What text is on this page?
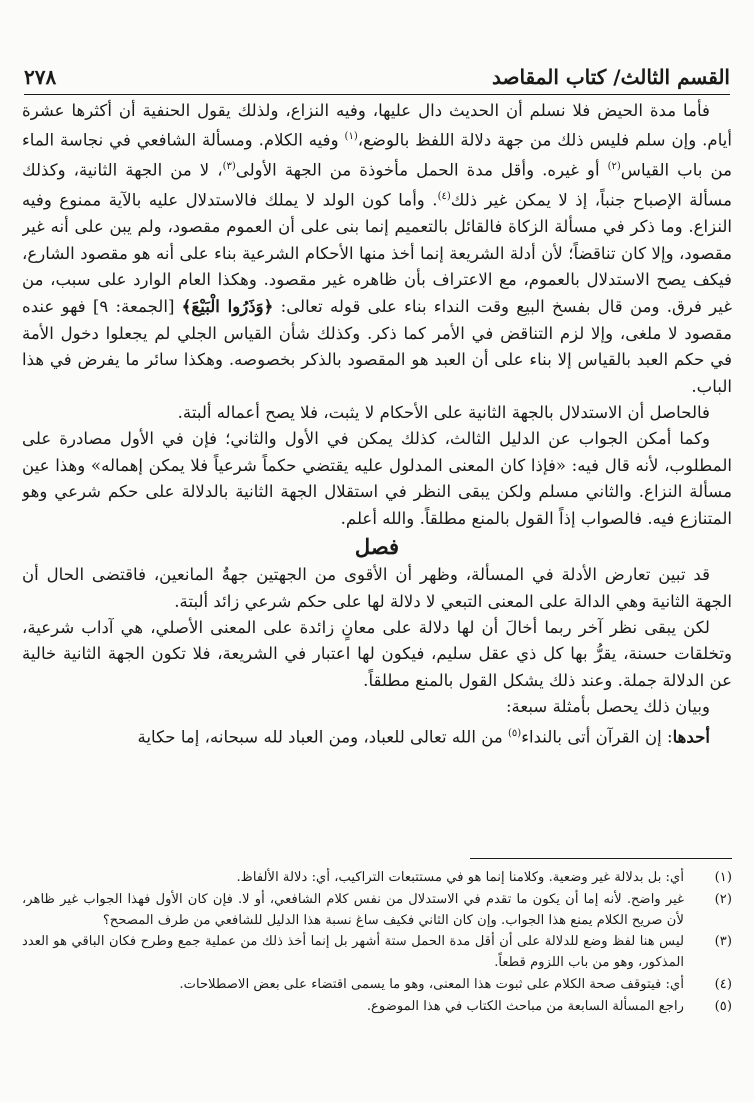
القسم الثالث/ كتاب المقاصد
٢٧٨

فأما مدة الحيض فلا نسلم أن الحديث دال عليها، وفيه النزاع، ولذلك يقول الحنفية أن أكثرها عشرة أيام. وإن سلم فليس ذلك من جهة دلالة اللفظ بالوضع،$^{(١)}$ وفيه الكلام. ومسألة الشافعي في نجاسة الماء من باب القياس$^{(٢)}$ أو غيره. وأقل مدة الحمل مأخوذة من الجهة الأولى$^{(٣)}$، لا من الجهة الثانية، وكذلك مسألة الإصباح جنباً، إذ لا يمكن غير ذلك$^{(٤)}$. وأما كون الولد لا يملك فالاستدلال عليه بالآية ممنوع وفيه النزاع. وما ذكر في مسألة الزكاة فالقائل بالتعميم إنما بنى على أن العموم مقصود، ولم يبن على أنه غير مقصود، وإلا كان تناقضاً؛ لأن أدلة الشريعة إنما أخذ منها الأحكام الشرعية بناء على أنه هو مقصود الشارع، فيكف يصح الاستدلال بالعموم، مع الاعتراف بأن ظاهره غير مقصود. وهكذا العام الوارد على سبب، من غير فرق. ومن قال بفسخ البيع وقت النداء بناء على قوله تعالى: ﴿وَذَرُوا الْبَيْعَ﴾ [الجمعة: ٩] فهو عنده مقصود لا ملغى، وإلا لزم التناقض في الأمر كما ذكر. وكذلك شأن القياس الجلي لم يجعلوا دخول الأمة في حكم العبد بالقياس إلا بناء على أن العبد هو المقصود بالذكر بخصوصه. وهكذا سائر ما يفرض في هذا الباب.

فالحاصل أن الاستدلال بالجهة الثانية على الأحكام لا يثبت، فلا يصح أعماله ألبتة.

وكما أمكن الجواب عن الدليل الثالث، كذلك يمكن في الأول والثاني؛ فإن في الأول مصادرة على المطلوب، لأنه قال فيه: «فإذا كان المعنى المدلول عليه يقتضي حكماً شرعياً فلا يمكن إهماله» وهذا عين مسألة النزاع. والثاني مسلم ولكن يبقى النظر في استقلال الجهة الثانية بالدلالة على حكم شرعي وهو المتنازع فيه. فالصواب إذاً القول بالمنع مطلقاً. والله أعلم.

فصل

قد تبين تعارض الأدلة في المسألة، وظهر أن الأقوى من الجهتين جهةُ المانعين، فاقتضى الحال أن الجهة الثانية وهي الدالة على المعنى التبعي لا دلالة لها على حكم شرعي زائد ألبتة.

لكن يبقى نظر آخر ربما أخالَ أن لها دلالة على معانٍ زائدة على المعنى الأصلي، هي آداب شرعية، وتخلقات حسنة، يقرُّ بها كل ذي عقل سليم، فيكون لها اعتبار في الشريعة، فلا تكون الجهة الثانية خالية عن الدلالة جملة. وعند ذلك يشكل القول بالمنع مطلقاً.

وبيان ذلك يحصل بأمثلة سبعة:

أحدها: إن القرآن أتى بالنداء$^{(٥)}$ من الله تعالى للعباد، ومن العباد لله سبحانه، إما حكاية

(١)
أي: بل بدلالة غير وضعية. وكلامنا إنما هو في مستتبعات التراكيب، أي: دلالة الألفاظ.
(٢)
غير واضح. لأنه إما أن يكون ما تقدم في الاستدلال من نفس كلام الشافعي، أو لا. فإن كان الأول فهذا الجواب غير ظاهر، لأن صريح الكلام يمنع هذا الجواب. وإن كان الثاني فكيف ساغ نسبة هذا الدليل للشافعي من طرف المصحح؟
(٣)
ليس هنا لفظ وضع للدلالة على أن أقل مدة الحمل ستة أشهر بل إنما أخذ ذلك من عملية جمع وطرح فكان الباقي هو العدد المذكور، وهو من باب اللزوم قطعاً.
(٤)
أي: فيتوقف صحة الكلام على ثبوت هذا المعنى، وهو ما يسمى اقتضاء على بعض الاصطلاحات.
(٥)
راجع المسألة السابعة من مباحث الكتاب في هذا الموضوع.
